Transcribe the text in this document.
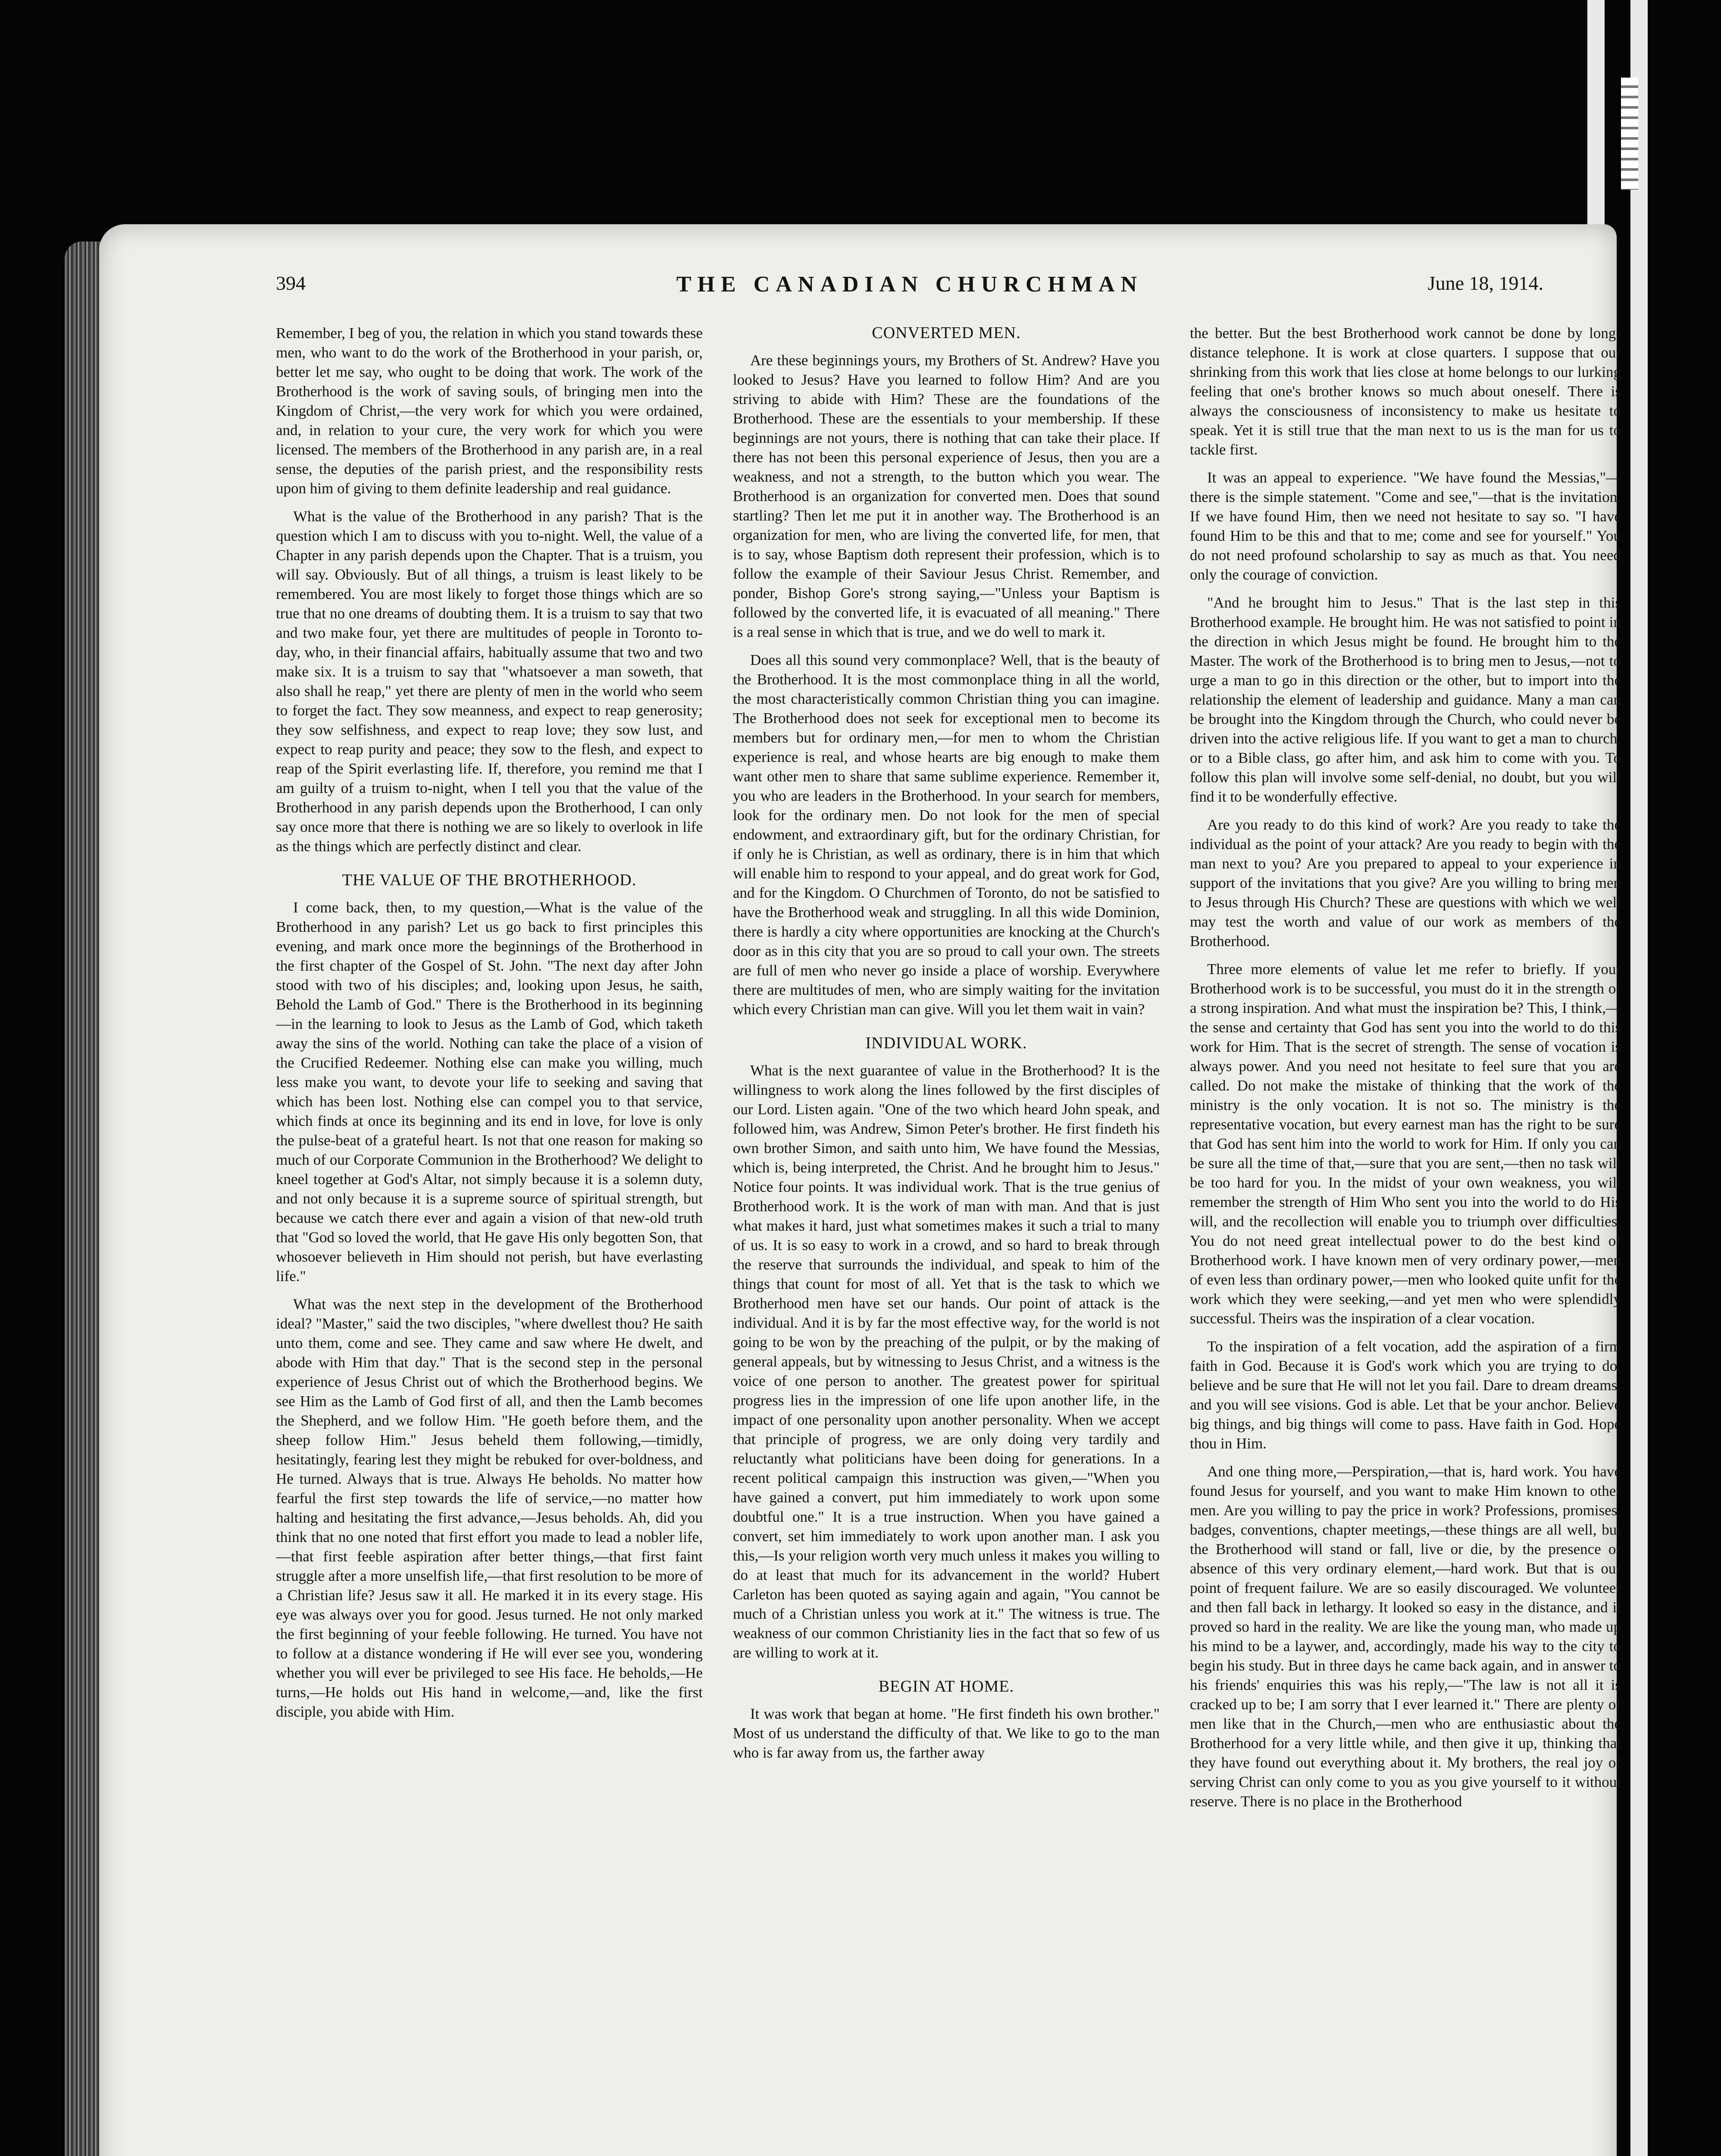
394	THE CANADIAN CHURCHMAN	June 18, 1914.

Remember, I beg of you, the relation in which you stand towards these men, who want to do the work of the Brotherhood in your parish, or, better let me say, who ought to be doing that work. The work of the Brotherhood is the work of saving souls, of bringing men into the Kingdom of Christ,—the very work for which you were ordained, and, in relation to your cure, the very work for which you were licensed. The members of the Brotherhood in any parish are, in a real sense, the deputies of the parish priest, and the responsibility rests upon him of giving to them definite leadership and real guidance.

What is the value of the Brotherhood in any parish? That is the question which I am to discuss with you to-night. Well, the value of a Chapter in any parish depends upon the Chapter. That is a truism, you will say. Obviously. But of all things, a truism is least likely to be remembered. You are most likely to forget those things which are so true that no one dreams of doubting them. It is a truism to say that two and two make four, yet there are multitudes of people in Toronto to-day, who, in their financial affairs, habitually assume that two and two make six. It is a truism to say that "whatsoever a man soweth, that also shall he reap," yet there are plenty of men in the world who seem to forget the fact. They sow meanness, and expect to reap generosity; they sow selfishness, and expect to reap love; they sow lust, and expect to reap purity and peace; they sow to the flesh, and expect to reap of the Spirit everlasting life. If, therefore, you remind me that I am guilty of a truism to-night, when I tell you that the value of the Brotherhood in any parish depends upon the Brotherhood, I can only say once more that there is nothing we are so likely to overlook in life as the things which are perfectly distinct and clear.

THE VALUE OF THE BROTHERHOOD.

I come back, then, to my question,—What is the value of the Brotherhood in any parish? Let us go back to first principles this evening, and mark once more the beginnings of the Brotherhood in the first chapter of the Gospel of St. John. "The next day after John stood with two of his disciples; and, looking upon Jesus, he saith, Behold the Lamb of God." There is the Brotherhood in its beginning—in the learning to look to Jesus as the Lamb of God, which taketh away the sins of the world. Nothing can take the place of a vision of the Crucified Redeemer. Nothing else can make you willing, much less make you want, to devote your life to seeking and saving that which has been lost. Nothing else can compel you to that service, which finds at once its beginning and its end in love, for love is only the pulse-beat of a grateful heart. Is not that one reason for making so much of our Corporate Communion in the Brotherhood? We delight to kneel together at God's Altar, not simply because it is a solemn duty, and not only because it is a supreme source of spiritual strength, but because we catch there ever and again a vision of that new-old truth that "God so loved the world, that He gave His only begotten Son, that whosoever believeth in Him should not perish, but have everlasting life."

What was the next step in the development of the Brotherhood ideal? "Master," said the two disciples, "where dwellest thou? He saith unto them, come and see. They came and saw where He dwelt, and abode with Him that day." That is the second step in the personal experience of Jesus Christ out of which the Brotherhood begins. We see Him as the Lamb of God first of all, and then the Lamb becomes the Shepherd, and we follow Him. "He goeth before them, and the sheep follow Him." Jesus beheld them following,—timidly, hesitatingly, fearing lest they might be rebuked for over-boldness, and He turned. Always that is true. Always He beholds. No matter how fearful the first step towards the life of service,—no matter how halting and hesitating the first advance,—Jesus beholds. Ah, did you think that no one noted that first effort you made to lead a nobler life,—that first feeble aspiration after better things,—that first faint struggle after a more unselfish life,—that first resolution to be more of a Christian life? Jesus saw it all. He marked it in its every stage. His eye was always over you for good. Jesus turned. He not only marked the first beginning of your feeble following. He turned. You have not to follow at a distance wondering if He will ever see you, wondering whether you will ever be privileged to see His face. He beholds,—He turns,—He holds out His hand in welcome,—and, like the first disciple, you abide with Him.

CONVERTED MEN.

Are these beginnings yours, my Brothers of St. Andrew? Have you looked to Jesus? Have you learned to follow Him? And are you striving to abide with Him? These are the foundations of the Brotherhood. These are the essentials to your membership. If these beginnings are not yours, there is nothing that can take their place. If there has not been this personal experience of Jesus, then you are a weakness, and not a strength, to the button which you wear. The Brotherhood is an organization for converted men. Does that sound startling? Then let me put it in another way. The Brotherhood is an organization for men, who are living the converted life, for men, that is to say, whose Baptism doth represent their profession, which is to follow the example of their Saviour Jesus Christ. Remember, and ponder, Bishop Gore's strong saying,—"Unless your Baptism is followed by the converted life, it is evacuated of all meaning." There is a real sense in which that is true, and we do well to mark it.

Does all this sound very commonplace? Well, that is the beauty of the Brotherhood. It is the most commonplace thing in all the world, the most characteristically common Christian thing you can imagine. The Brotherhood does not seek for exceptional men to become its members but for ordinary men,—for men to whom the Christian experience is real, and whose hearts are big enough to make them want other men to share that same sublime experience. Remember it, you who are leaders in the Brotherhood. In your search for members, look for the ordinary men. Do not look for the men of special endowment, and extraordinary gift, but for the ordinary Christian, for if only he is Christian, as well as ordinary, there is in him that which will enable him to respond to your appeal, and do great work for God, and for the Kingdom. O Churchmen of Toronto, do not be satisfied to have the Brotherhood weak and struggling. In all this wide Dominion, there is hardly a city where opportunities are knocking at the Church's door as in this city that you are so proud to call your own. The streets are full of men who never go inside a place of worship. Everywhere there are multitudes of men, who are simply waiting for the invitation which every Christian man can give. Will you let them wait in vain?

INDIVIDUAL WORK.

What is the next guarantee of value in the Brotherhood? It is the willingness to work along the lines followed by the first disciples of our Lord. Listen again. "One of the two which heard John speak, and followed him, was Andrew, Simon Peter's brother. He first findeth his own brother Simon, and saith unto him, We have found the Messias, which is, being interpreted, the Christ. And he brought him to Jesus." Notice four points. It was individual work. That is the true genius of Brotherhood work. It is the work of man with man. And that is just what makes it hard, just what sometimes makes it such a trial to many of us. It is so easy to work in a crowd, and so hard to break through the reserve that surrounds the individual, and speak to him of the things that count for most of all. Yet that is the task to which we Brotherhood men have set our hands. Our point of attack is the individual. And it is by far the most effective way, for the world is not going to be won by the preaching of the pulpit, or by the making of general appeals, but by witnessing to Jesus Christ, and a witness is the voice of one person to another. The greatest power for spiritual progress lies in the impression of one life upon another life, in the impact of one personality upon another personality. When we accept that principle of progress, we are only doing very tardily and reluctantly what politicians have been doing for generations. In a recent political campaign this instruction was given,—"When you have gained a convert, put him immediately to work upon some doubtful one." It is a true instruction. When you have gained a convert, set him immediately to work upon another man. I ask you this,—Is your religion worth very much unless it makes you willing to do at least that much for its advancement in the world? Hubert Carleton has been quoted as saying again and again, "You cannot be much of a Christian unless you work at it." The witness is true. The weakness of our common Christianity lies in the fact that so few of us are willing to work at it.

BEGIN AT HOME.

It was work that began at home. "He first findeth his own brother." Most of us understand the difficulty of that. We like to go to the man who is far away from us, the farther away

the better. But the best Brotherhood work cannot be done by long-distance telephone. It is work at close quarters. I suppose that our shrinking from this work that lies close at home belongs to our lurking feeling that one's brother knows so much about oneself. There is always the consciousness of inconsistency to make us hesitate to speak. Yet it is still true that the man next to us is the man for us to tackle first.

It was an appeal to experience. "We have found the Messias,"—there is the simple statement. "Come and see,"—that is the invitation. If we have found Him, then we need not hesitate to say so. "I have found Him to be this and that to me; come and see for yourself." You do not need profound scholarship to say as much as that. You need only the courage of conviction.

"And he brought him to Jesus." That is the last step in this Brotherhood example. He brought him. He was not satisfied to point in the direction in which Jesus might be found. He brought him to the Master. The work of the Brotherhood is to bring men to Jesus,—not to urge a man to go in this direction or the other, but to import into the relationship the element of leadership and guidance. Many a man can be brought into the Kingdom through the Church, who could never be driven into the active religious life. If you want to get a man to church, or to a Bible class, go after him, and ask him to come with you. To follow this plan will involve some self-denial, no doubt, but you will find it to be wonderfully effective.

Are you ready to do this kind of work? Are you ready to take the individual as the point of your attack? Are you ready to begin with the man next to you? Are you prepared to appeal to your experience in support of the invitations that you give? Are you willing to bring men to Jesus through His Church? These are questions with which we well may test the worth and value of our work as members of the Brotherhood.

Three more elements of value let me refer to briefly. If your Brotherhood work is to be successful, you must do it in the strength of a strong inspiration. And what must the inspiration be? This, I think,—the sense and certainty that God has sent you into the world to do this work for Him. That is the secret of strength. The sense of vocation is always power. And you need not hesitate to feel sure that you are called. Do not make the mistake of thinking that the work of the ministry is the only vocation. It is not so. The ministry is the representative vocation, but every earnest man has the right to be sure that God has sent him into the world to work for Him. If only you can be sure all the time of that,—sure that you are sent,—then no task will be too hard for you. In the midst of your own weakness, you will remember the strength of Him Who sent you into the world to do His will, and the recollection will enable you to triumph over difficulties. You do not need great intellectual power to do the best kind of Brotherhood work. I have known men of very ordinary power,—men of even less than ordinary power,—men who looked quite unfit for the work which they were seeking,—and yet men who were splendidly successful. Theirs was the inspiration of a clear vocation.

To the inspiration of a felt vocation, add the aspiration of a firm faith in God. Because it is God's work which you are trying to do, believe and be sure that He will not let you fail. Dare to dream dreams, and you will see visions. God is able. Let that be your anchor. Believe big things, and big things will come to pass. Have faith in God. Hope thou in Him.

And one thing more,—Perspiration,—that is, hard work. You have found Jesus for yourself, and you want to make Him known to other men. Are you willing to pay the price in work? Professions, promises, badges, conventions, chapter meetings,—these things are all well, but the Brotherhood will stand or fall, live or die, by the presence or absence of this very ordinary element,—hard work. But that is our point of frequent failure. We are so easily discouraged. We volunteer and then fall back in lethargy. It looked so easy in the distance, and it proved so hard in the reality. We are like the young man, who made up his mind to be a laywer, and, accordingly, made his way to the city to begin his study. But in three days he came back again, and in answer to his friends' enquiries this was his reply,—"The law is not all it is cracked up to be; I am sorry that I ever learned it." There are plenty of men like that in the Church,—men who are enthusiastic about the Brotherhood for a very little while, and then give it up, thinking that they have found out everything about it. My brothers, the real joy of serving Christ can only come to you as you give yourself to it without reserve. There is no place in the Brotherhood
